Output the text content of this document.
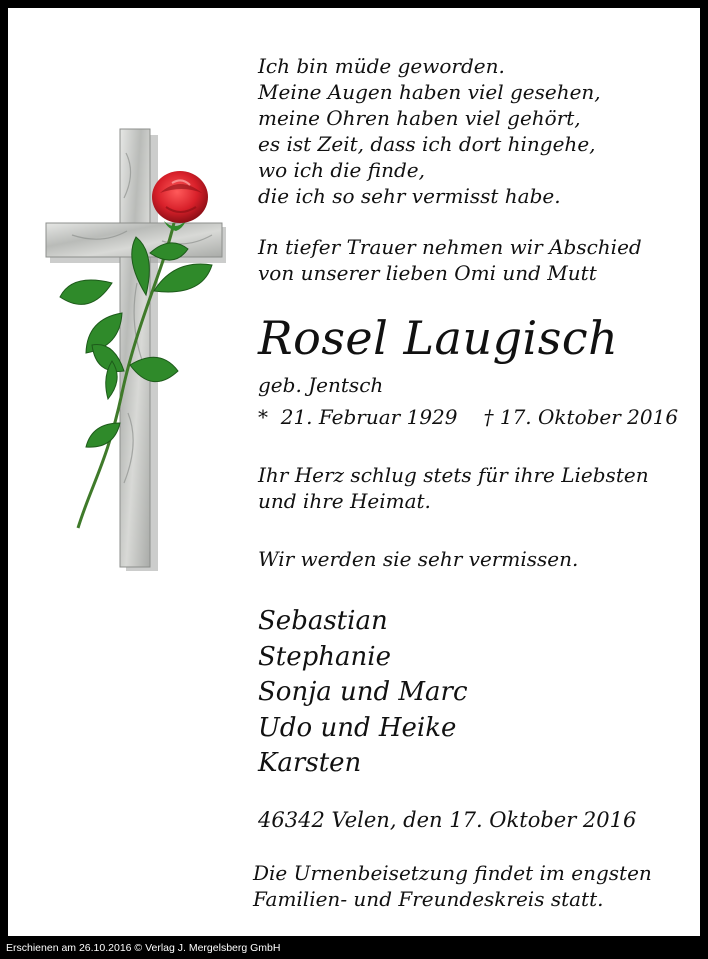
Ich bin müde geworden.
Meine Augen haben viel gesehen,
meine Ohren haben viel gehört,
es ist Zeit, dass ich dort hingehe,
wo ich die finde,
die ich so sehr vermisst habe.
In tiefer Trauer nehmen wir Abschied
von unserer lieben Omi und Mutt
Rosel Laugisch
geb. Jentsch
* 21. Februar 1929 † 17. Oktober 2016
Ihr Herz schlug stets für ihre Liebsten
und ihre Heimat.
Wir werden sie sehr vermissen.
Sebastian
Stephanie
Sonja und Marc
Udo und Heike
Karsten
46342 Velen, den 17. Oktober 2016
Die Urnenbeisetzung findet im engsten
Familien- und Freundeskreis statt.
Erschienen am 26.10.2016 © Verlag J. Mergelsberg GmbH
